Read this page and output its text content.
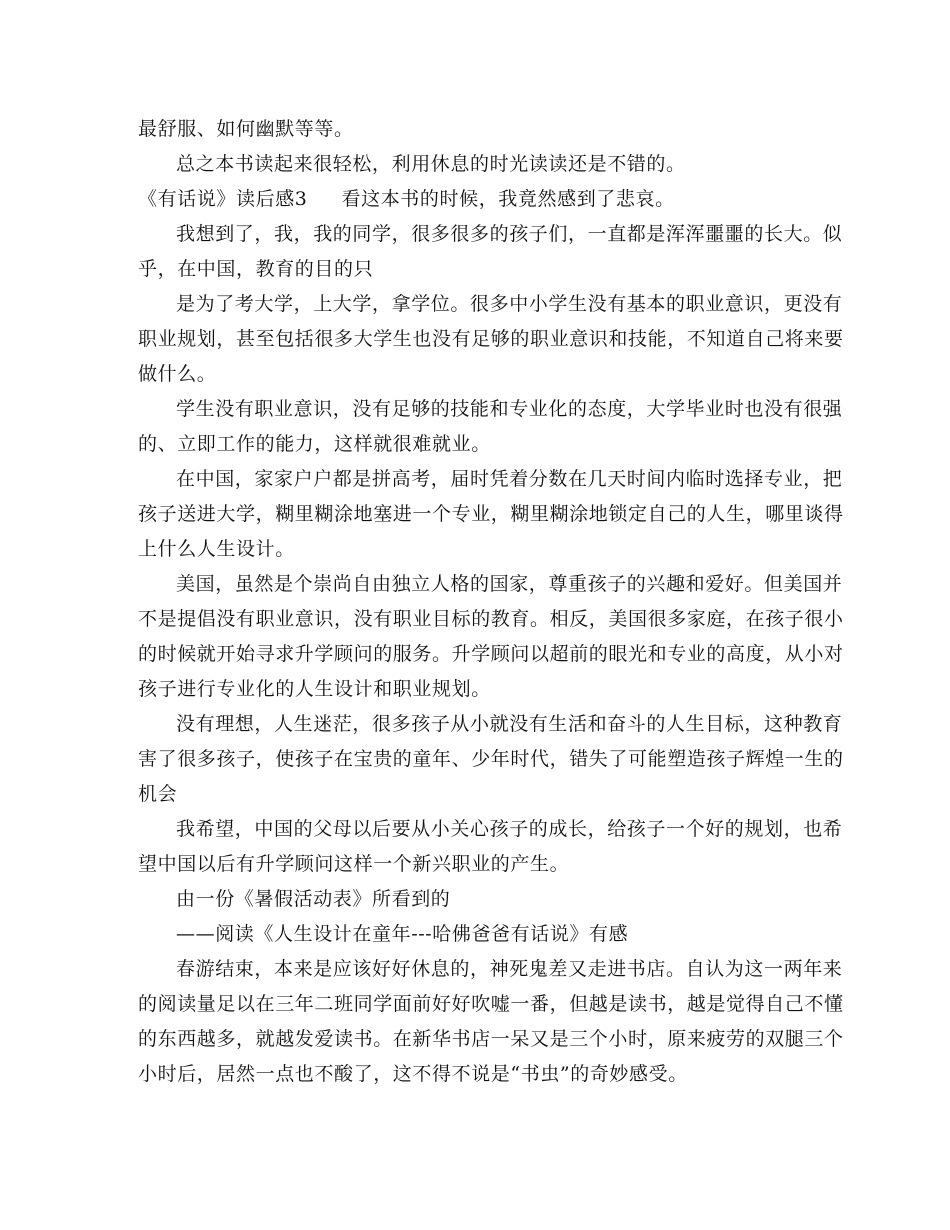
最舒服、如何幽默等等。
总之本书读起来很轻松，利用休息的时光读读还是不错的。
《有话说》读后感3 看这本书的时候，我竟然感到了悲哀。
我想到了，我，我的同学，很多很多的孩子们，一直都是浑浑噩噩的长大。似
乎，在中国，教育的目的只
是为了考大学，上大学，拿学位。很多中小学生没有基本的职业意识，更没有
职业规划，甚至包括很多大学生也没有足够的职业意识和技能，不知道自己将来要
做什么。
学生没有职业意识，没有足够的技能和专业化的态度，大学毕业时也没有很强
的、立即工作的能力，这样就很难就业。
在中国，家家户户都是拼高考，届时凭着分数在几天时间内临时选择专业，把
孩子送进大学，糊里糊涂地塞进一个专业，糊里糊涂地锁定自己的人生，哪里谈得
上什么人生设计。
美国，虽然是个崇尚自由独立人格的国家，尊重孩子的兴趣和爱好。但美国并
不是提倡没有职业意识，没有职业目标的教育。相反，美国很多家庭，在孩子很小
的时候就开始寻求升学顾问的服务。升学顾问以超前的眼光和专业的高度，从小对
孩子进行专业化的人生设计和职业规划。
没有理想，人生迷茫，很多孩子从小就没有生活和奋斗的人生目标，这种教育
害了很多孩子，使孩子在宝贵的童年、少年时代，错失了可能塑造孩子辉煌一生的
机会
我希望，中国的父母以后要从小关心孩子的成长，给孩子一个好的规划，也希
望中国以后有升学顾问这样一个新兴职业的产生。
由一份《暑假活动表》所看到的
——阅读《人生设计在童年---哈佛爸爸有话说》有感
春游结束，本来是应该好好休息的，神死鬼差又走进书店。自认为这一两年来
的阅读量足以在三年二班同学面前好好吹嘘一番，但越是读书，越是觉得自己不懂
的东西越多，就越发爱读书。在新华书店一呆又是三个小时，原来疲劳的双腿三个
小时后，居然一点也不酸了，这不得不说是“书虫”的奇妙感受。
